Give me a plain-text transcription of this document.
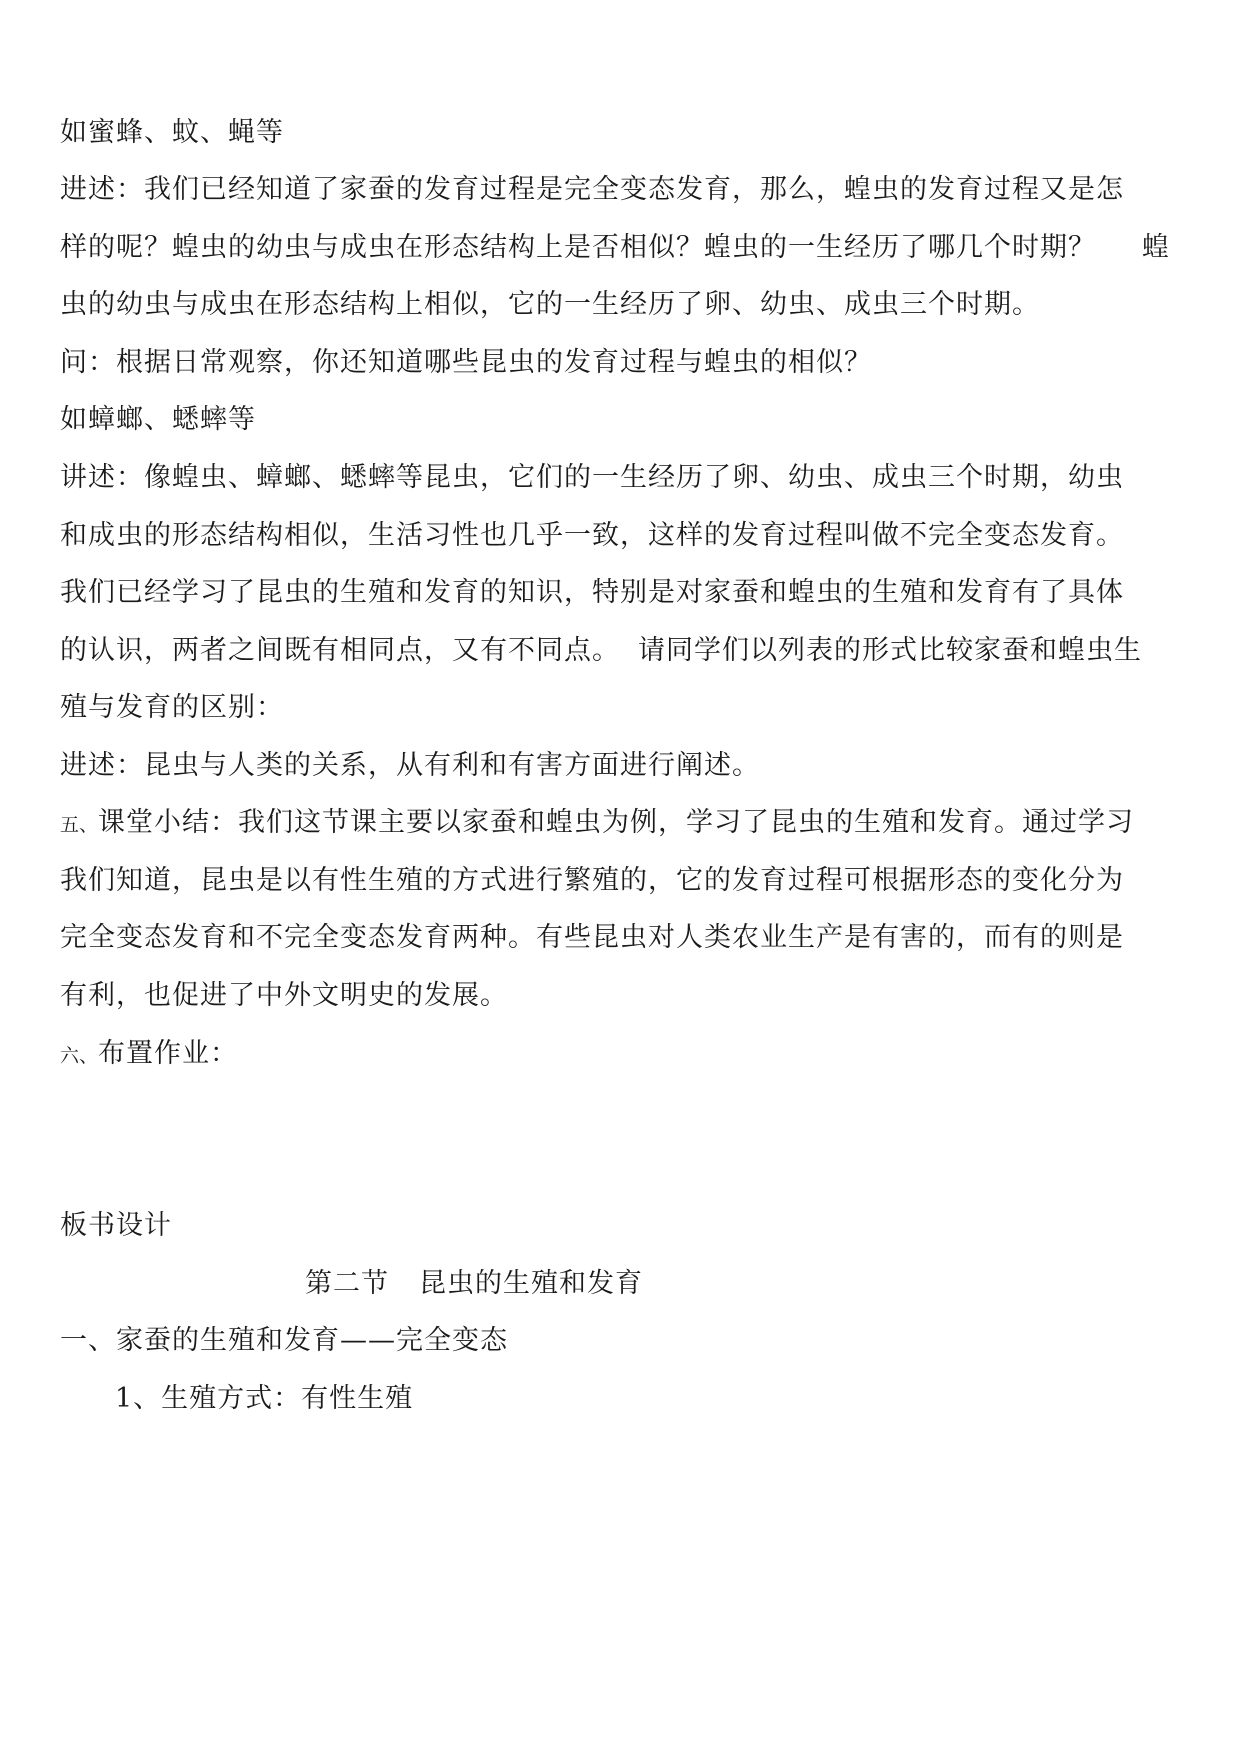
如蜜蜂、蚊、蝇等
进述：我们已经知道了家蚕的发育过程是完全变态发育，那么，蝗虫的发育过程又是怎
样的呢？蝗虫的幼虫与成虫在形态结构上是否相似？蝗虫的一生经历了哪几个时期？ 蝗
虫的幼虫与成虫在形态结构上相似，它的一生经历了卵、幼虫、成虫三个时期。
问：根据日常观察，你还知道哪些昆虫的发育过程与蝗虫的相似？
如蟑螂、蟋蟀等
讲述：像蝗虫、蟑螂、蟋蟀等昆虫，它们的一生经历了卵、幼虫、成虫三个时期，幼虫
和成虫的形态结构相似，生活习性也几乎一致，这样的发育过程叫做不完全变态发育。
我们已经学习了昆虫的生殖和发育的知识，特别是对家蚕和蝗虫的生殖和发育有了具体
的认识，两者之间既有相同点，又有不同点。 请同学们以列表的形式比较家蚕和蝗虫生
殖与发育的区别：
进述：昆虫与人类的关系，从有利和有害方面进行阐述。
五、课堂小结：我们这节课主要以家蚕和蝗虫为例，学习了昆虫的生殖和发育。通过学习
我们知道，昆虫是以有性生殖的方式进行繁殖的，它的发育过程可根据形态的变化分为
完全变态发育和不完全变态发育两种。有些昆虫对人类农业生产是有害的，而有的则是
有利，也促进了中外文明史的发展。
六、布置作业：
板书设计
第二节 昆虫的生殖和发育
一、家蚕的生殖和发育——完全变态
1、生殖方式：有性生殖
